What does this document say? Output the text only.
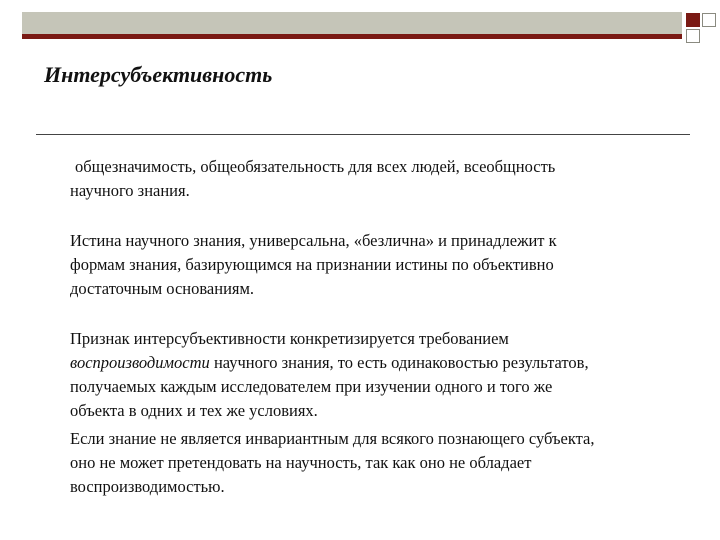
Интерсубъективность

общезначимость, общеобязательность для всех людей, всеобщность
научного знания.

Истина научного знания, универсальна, «безлична» и принадлежит к
формам знания, базирующимся на признании истины по объективно
достаточным основаниям.

Признак интерсубъективности конкретизируется требованием
воспроизводимости научного знания, то есть одинаковостью результатов,
получаемых каждым исследователем при изучении одного и того же
объекта в одних и тех же условиях.

Если знание не является инвариантным для всякого познающего субъекта,
оно не может претендовать на научность, так как оно не обладает
воспроизводимостью.
